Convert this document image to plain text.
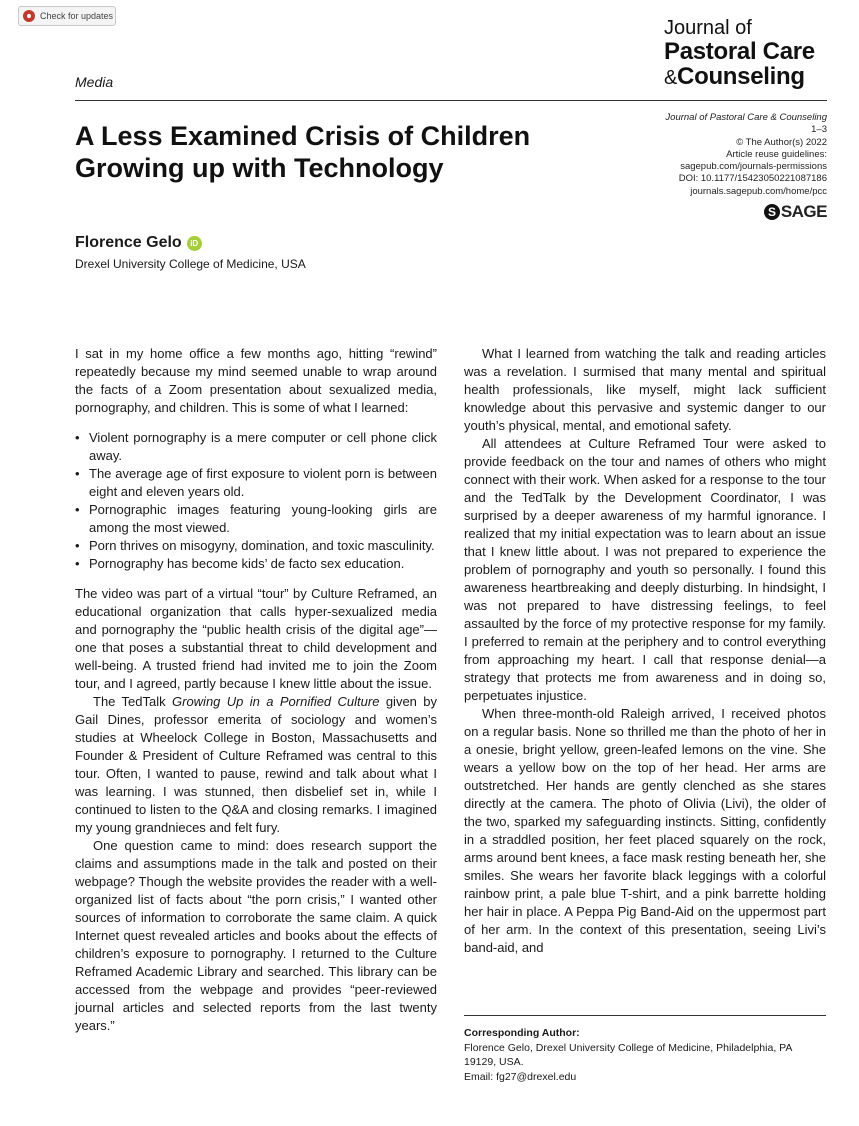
Check for updates
Journal of
Pastoral Care
&Counseling
Media
A Less Examined Crisis of Children Growing up with Technology
Journal of Pastoral Care & Counseling
1–3
© The Author(s) 2022
Article reuse guidelines:
sagepub.com/journals-permissions
DOI: 10.1177/15423050221087186
journals.sagepub.com/home/pcc
S SAGE
Florence Gelo	iD
Drexel University College of Medicine, USA

I sat in my home office a few months ago, hitting “rewind” repeatedly because my mind seemed unable to wrap around the facts of a Zoom presentation about sexualized media, pornography, and children. This is some of what I learned:

• Violent pornography is a mere computer or cell phone click away.
• The average age of first exposure to violent porn is between eight and eleven years old.
• Pornographic images featuring young-looking girls are among the most viewed.
• Porn thrives on misogyny, domination, and toxic masculinity.
• Pornography has become kids’ de facto sex education.

The video was part of a virtual “tour” by Culture Reframed, an educational organization that calls hyper-sexualized media and pornography the “public health crisis of the digital age”—one that poses a substantial threat to child development and well-being. A trusted friend had invited me to join the Zoom tour, and I agreed, partly because I knew little about the issue.

The TedTalk Growing Up in a Pornified Culture given by Gail Dines, professor emerita of sociology and women’s studies at Wheelock College in Boston, Massachusetts and Founder & President of Culture Reframed was central to this tour. Often, I wanted to pause, rewind and talk about what I was learning. I was stunned, then disbelief set in, while I continued to listen to the Q&A and closing remarks. I imagined my young grandnieces and felt fury.

One question came to mind: does research support the claims and assumptions made in the talk and posted on their webpage? Though the website provides the reader with a well-organized list of facts about “the porn crisis,” I wanted other sources of information to corroborate the same claim. A quick Internet quest revealed articles and books about the effects of children’s exposure to pornography. I returned to the Culture Reframed Academic Library and searched. This library can be accessed from the webpage and provides “peer-reviewed journal articles and selected reports from the last twenty years.”

What I learned from watching the talk and reading articles was a revelation. I surmised that many mental and spiritual health professionals, like myself, might lack sufficient knowledge about this pervasive and systemic danger to our youth’s physical, mental, and emotional safety.

All attendees at Culture Reframed Tour were asked to provide feedback on the tour and names of others who might connect with their work. When asked for a response to the tour and the TedTalk by the Development Coordinator, I was surprised by a deeper awareness of my harmful ignorance. I realized that my initial expectation was to learn about an issue that I knew little about. I was not prepared to experience the problem of pornography and youth so personally. I found this awareness heartbreaking and deeply disturbing. In hindsight, I was not prepared to have distressing feelings, to feel assaulted by the force of my protective response for my family. I preferred to remain at the periphery and to control everything from approaching my heart. I call that response denial—a strategy that protects me from awareness and in doing so, perpetuates injustice.

When three-month-old Raleigh arrived, I received photos on a regular basis. None so thrilled me than the photo of her in a onesie, bright yellow, green-leafed lemons on the vine. She wears a yellow bow on the top of her head. Her arms are outstretched. Her hands are gently clenched as she stares directly at the camera. The photo of Olivia (Livi), the older of the two, sparked my safeguarding instincts. Sitting, confidently in a straddled position, her feet placed squarely on the rock, arms around bent knees, a face mask resting beneath her, she smiles. She wears her favorite black leggings with a colorful rainbow print, a pale blue T-shirt, and a pink barrette holding her hair in place. A Peppa Pig Band-Aid on the uppermost part of her arm. In the context of this presentation, seeing Livi’s band-aid, and

Corresponding Author:
Florence Gelo, Drexel University College of Medicine, Philadelphia, PA 19129, USA.
Email: fg27@drexel.edu
